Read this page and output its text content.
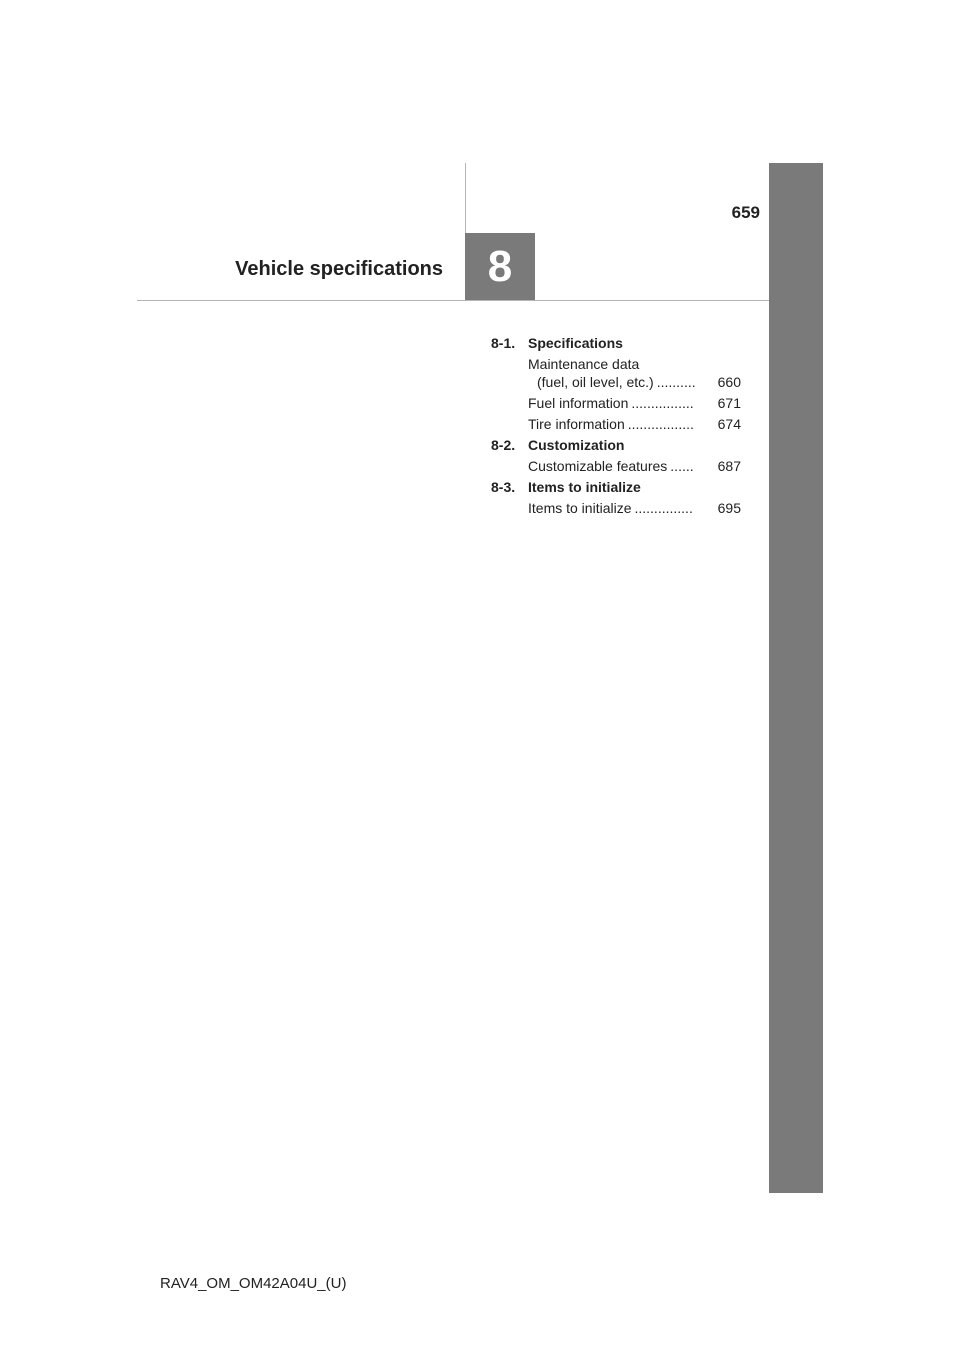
659
Vehicle specifications	8
8-1. Specifications
Maintenance data
(fuel, oil level, etc.) ..........	660
Fuel information ................	671
Tire information .................	674
8-2. Customization
Customizable features ......	687
8-3. Items to initialize
Items to initialize ...............	695
RAV4_OM_OM42A04U_(U)
